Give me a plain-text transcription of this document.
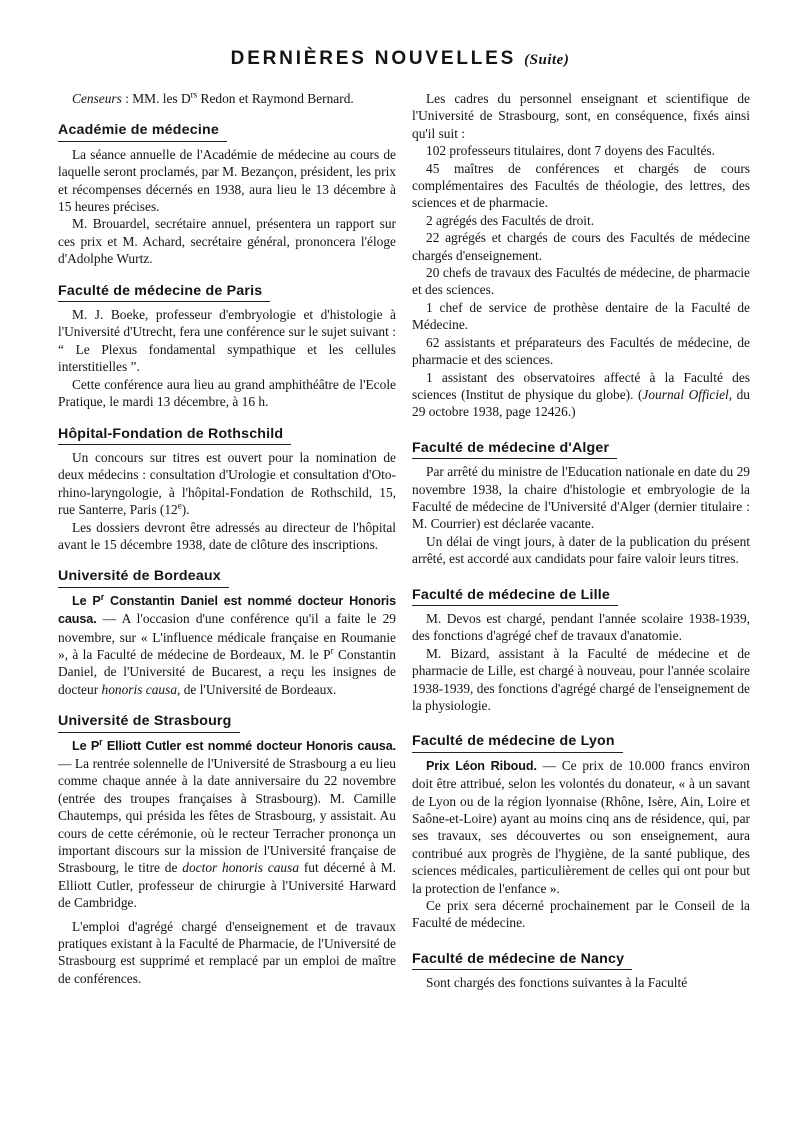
DERNIÈRES NOUVELLES (Suite)

Censeurs : MM. les $D^{rs}$ Redon et Raymond Bernard.

Académie de médecine

La séance annuelle de l'Académie de médecine au cours de laquelle seront proclamés, par M. Bezançon, président, les prix et récompenses décernés en 1938, aura lieu le 13 décembre à 15 heures précises.

M. Brouardel, secrétaire annuel, présentera un rapport sur ces prix et M. Achard, secrétaire général, prononcera l'éloge d'Adolphe Wurtz.

Faculté de médecine de Paris

M. J. Boeke, professeur d'embryologie et d'histologie à l'Université d'Utrecht, fera une conférence sur le sujet suivant : “ Le Plexus fondamental sympathique et les cellules interstitielles ”.

Cette conférence aura lieu au grand amphithéâtre de l'Ecole Pratique, le mardi 13 décembre, à 16 h.

Hôpital-Fondation de Rothschild

Un concours sur titres est ouvert pour la nomination de deux médecins : consultation d'Urologie et consultation d'Oto-rhino-laryngologie, à l'hôpital-Fondation de Rothschild, 15, rue Santerre, Paris (12e).

Les dossiers devront être adressés au directeur de l'hôpital avant le 15 décembre 1938, date de clôture des inscriptions.

Université de Bordeaux

Le $P^r$ Constantin Daniel est nommé docteur Honoris causa. — A l'occasion d'une conférence qu'il a faite le 29 novembre, sur « L'influence médicale française en Roumanie », à la Faculté de médecine de Bordeaux, M. le $P^r$ Constantin Daniel, de l'Université de Bucarest, a reçu les insignes de docteur honoris causa, de l'Université de Bordeaux.

Université de Strasbourg

Le $P^r$ Elliott Cutler est nommé docteur Honoris causa. — La rentrée solennelle de l'Université de Strasbourg a eu lieu comme chaque année à la date anniversaire du 22 novembre (entrée des troupes françaises à Strasbourg). M. Camille Chautemps, qui présida les fêtes de Strasbourg, y assistait. Au cours de cette cérémonie, où le recteur Terracher prononça un important discours sur la mission de l'Université française de Strasbourg, le titre de doctor honoris causa fut décerné à M. Elliott Cutler, professeur de chirurgie à l'Université Harward de Cambridge.

L'emploi d'agrégé chargé d'enseignement et de travaux pratiques existant à la Faculté de Pharmacie, de l'Université de Strasbourg est supprimé et remplacé par un emploi de maître de conférences.

Les cadres du personnel enseignant et scientifique de l'Université de Strasbourg, sont, en conséquence, fixés ainsi qu'il suit :

102 professeurs titulaires, dont 7 doyens des Facultés.

45 maîtres de conférences et chargés de cours complémentaires des Facultés de théologie, des lettres, des sciences et de pharmacie.

2 agrégés des Facultés de droit.

22 agrégés et chargés de cours des Facultés de médecine chargés d'enseignement.

20 chefs de travaux des Facultés de médecine, de pharmacie et des sciences.

1 chef de service de prothèse dentaire de la Faculté de Médecine.

62 assistants et préparateurs des Facultés de médecine, de pharmacie et des sciences.

1 assistant des observatoires affecté à la Faculté des sciences (Institut de physique du globe). (Journal Officiel, du 29 octobre 1938, page 12426.)

Faculté de médecine d'Alger

Par arrêté du ministre de l'Education nationale en date du 29 novembre 1938, la chaire d'histologie et embryologie de la Faculté de médecine de l'Université d'Alger (dernier titulaire : M. Courrier) est déclarée vacante.

Un délai de vingt jours, à dater de la publication du présent arrêté, est accordé aux candidats pour faire valoir leurs titres.

Faculté de médecine de Lille

M. Devos est chargé, pendant l'année scolaire 1938-1939, des fonctions d'agrégé chef de travaux d'anatomie.

M. Bizard, assistant à la Faculté de médecine et de pharmacie de Lille, est chargé à nouveau, pour l'année scolaire 1938-1939, des fonctions d'agrégé chargé de l'enseignement de la physiologie.

Faculté de médecine de Lyon

Prix Léon Riboud. — Ce prix de 10.000 francs environ doit être attribué, selon les volontés du donateur, « à un savant de Lyon ou de la région lyonnaise (Rhône, Isère, Ain, Loire et Saône-et-Loire) ayant au moins cinq ans de résidence, qui, par ses travaux, ses découvertes ou son enseignement, aura contribué aux progrès de l'hygiène, de la santé publique, des sciences médicales, particulièrement de celles qui ont pour but la protection de l'enfance ».

Ce prix sera décerné prochainement par le Conseil de la Faculté de médecine.

Faculté de médecine de Nancy

Sont chargés des fonctions suivantes à la Faculté
